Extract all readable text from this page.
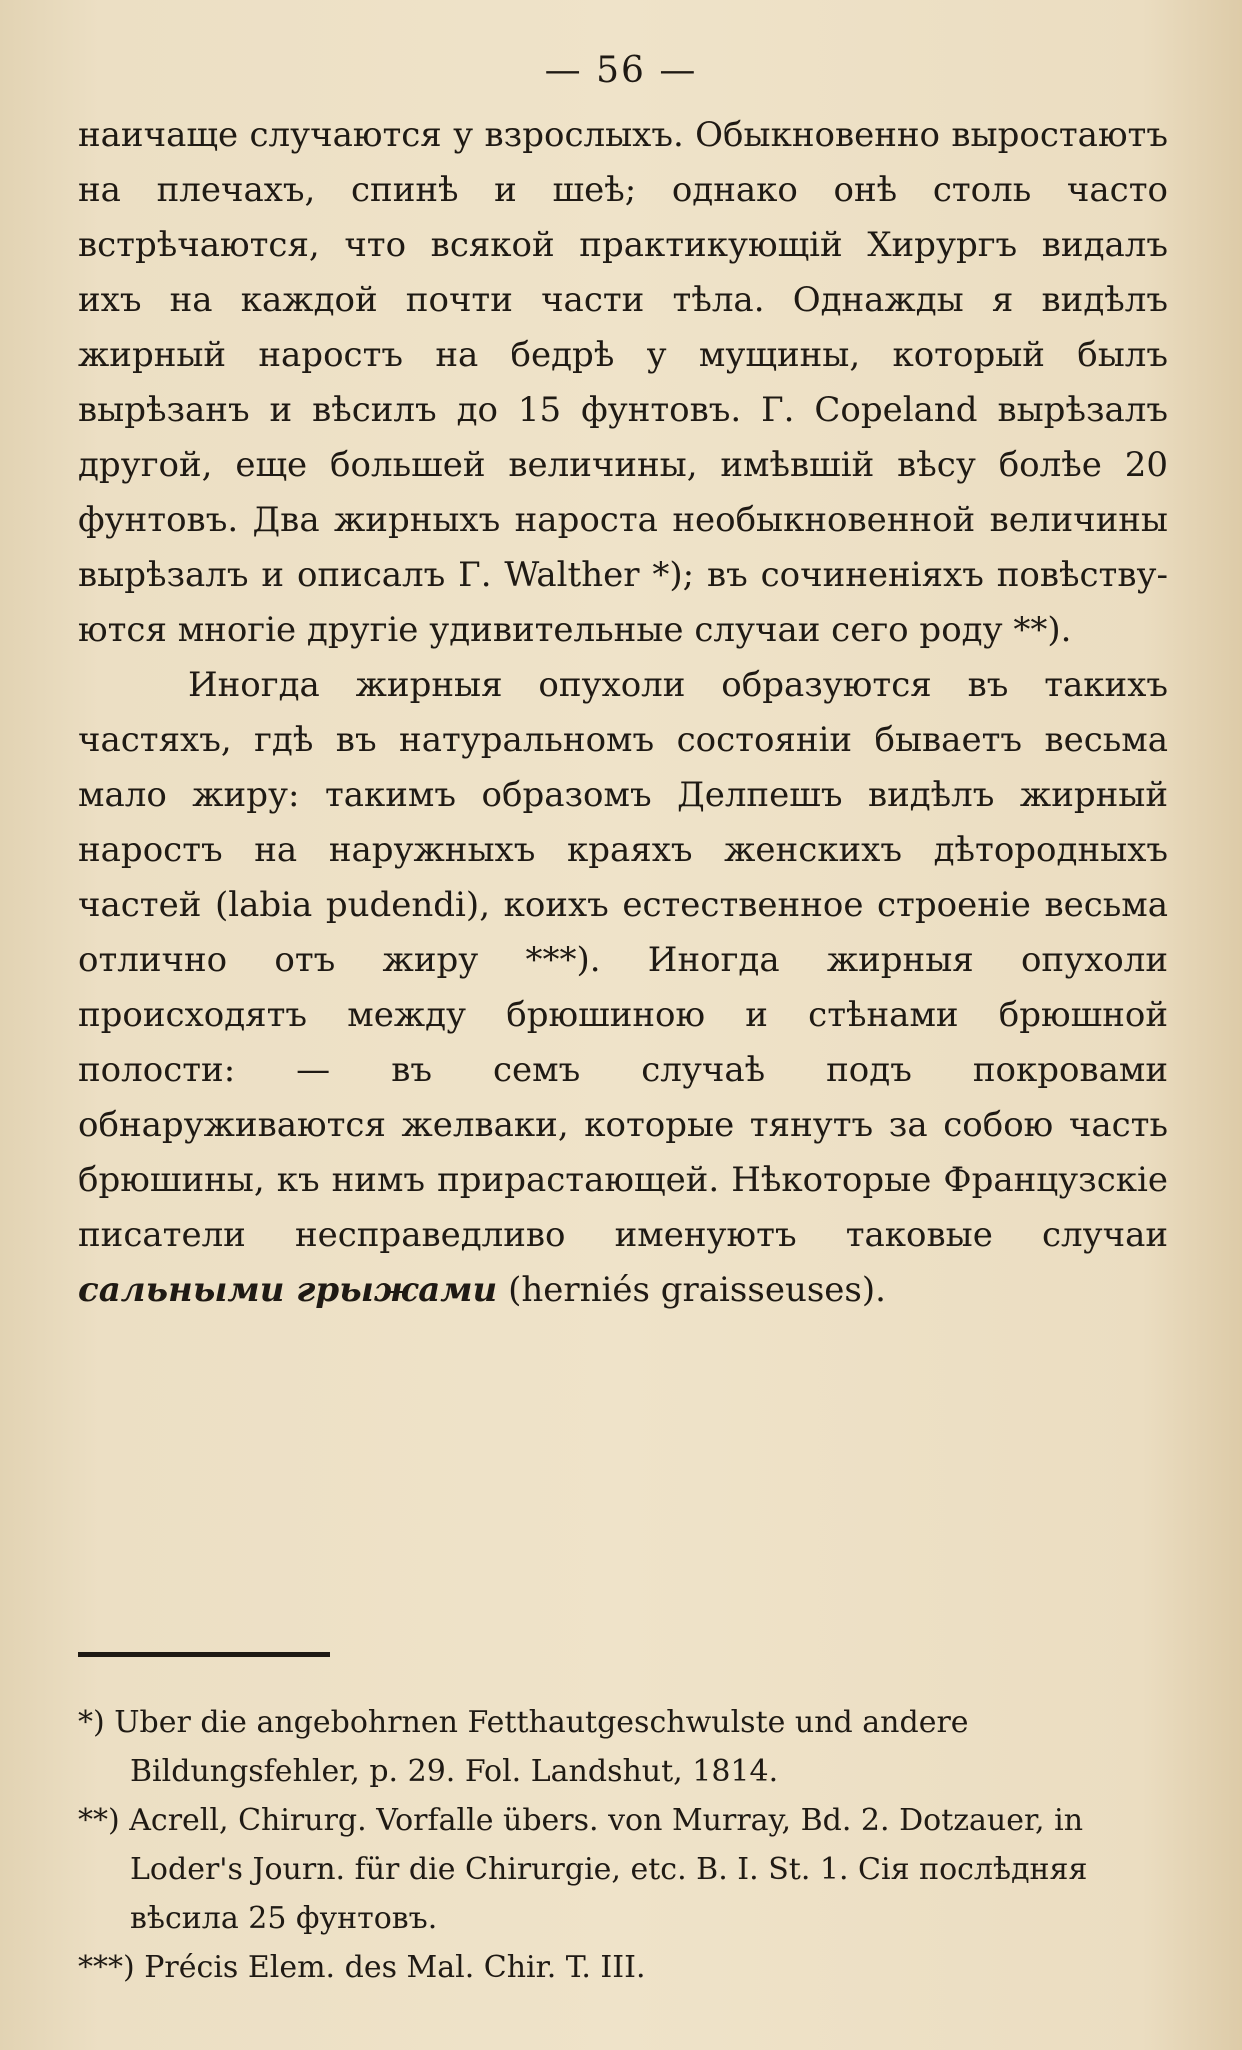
— 56 —

наичаще случаются у взрослыхъ. Обыкновенно выростаютъ на плечахъ, спинѣ и шеѣ; однако онѣ столь часто встрѣчаются, что всякой практикующій Хирургъ видалъ ихъ на каждой почти части тѣла. Однажды я видѣлъ жирный наростъ на бедрѣ у мущины, который былъ вырѣзанъ и вѣсилъ до 15 фунтовъ. Г. Copeland вырѣзалъ другой, еще большей величины, имѣвшій вѣсу болѣе 20 фунтовъ. Два жирныхъ нароста необыкновенной величины вырѣзалъ и описалъ Г. Walther *); въ сочиненіяхъ повѣству-ются многіе другіе удивительные случаи сего роду **).

Иногда жирныя опухоли образуются въ такихъ частяхъ, гдѣ въ натуральномъ состояніи бываетъ весьма мало жиру: такимъ образомъ Делпешъ видѣлъ жирный наростъ на наружныхъ краяхъ женскихъ дѣтородныхъ частей (labia pudendi), коихъ естественное строеніе весьма отлично отъ жиру ***). Иногда жирныя опухоли происходятъ между брюшиною и стѣнами брюшной полости: — въ семъ случаѣ подъ покровами обнаруживаются желваки, которые тянутъ за собою часть брюшины, къ нимъ прирастающей. Нѣкоторые Французскіе писатели несправедливо именуютъ таковые случаи сальными грыжами (herniés graisseuses).

*) Uber die angebohrnen Fetthautgeschwulste und andere Bildungsfehler, p. 29. Fol. Landshut, 1814.

**) Acrell, Chirurg. Vorfalle übers. von Murray, Bd. 2. Dotzauer, in Loder's Journ. für die Chirurgie, etc. B. I. St. 1. Сія послѣдняя вѣсила 25 фунтовъ.

***) Précis Elem. des Mal. Chir. T. III.
